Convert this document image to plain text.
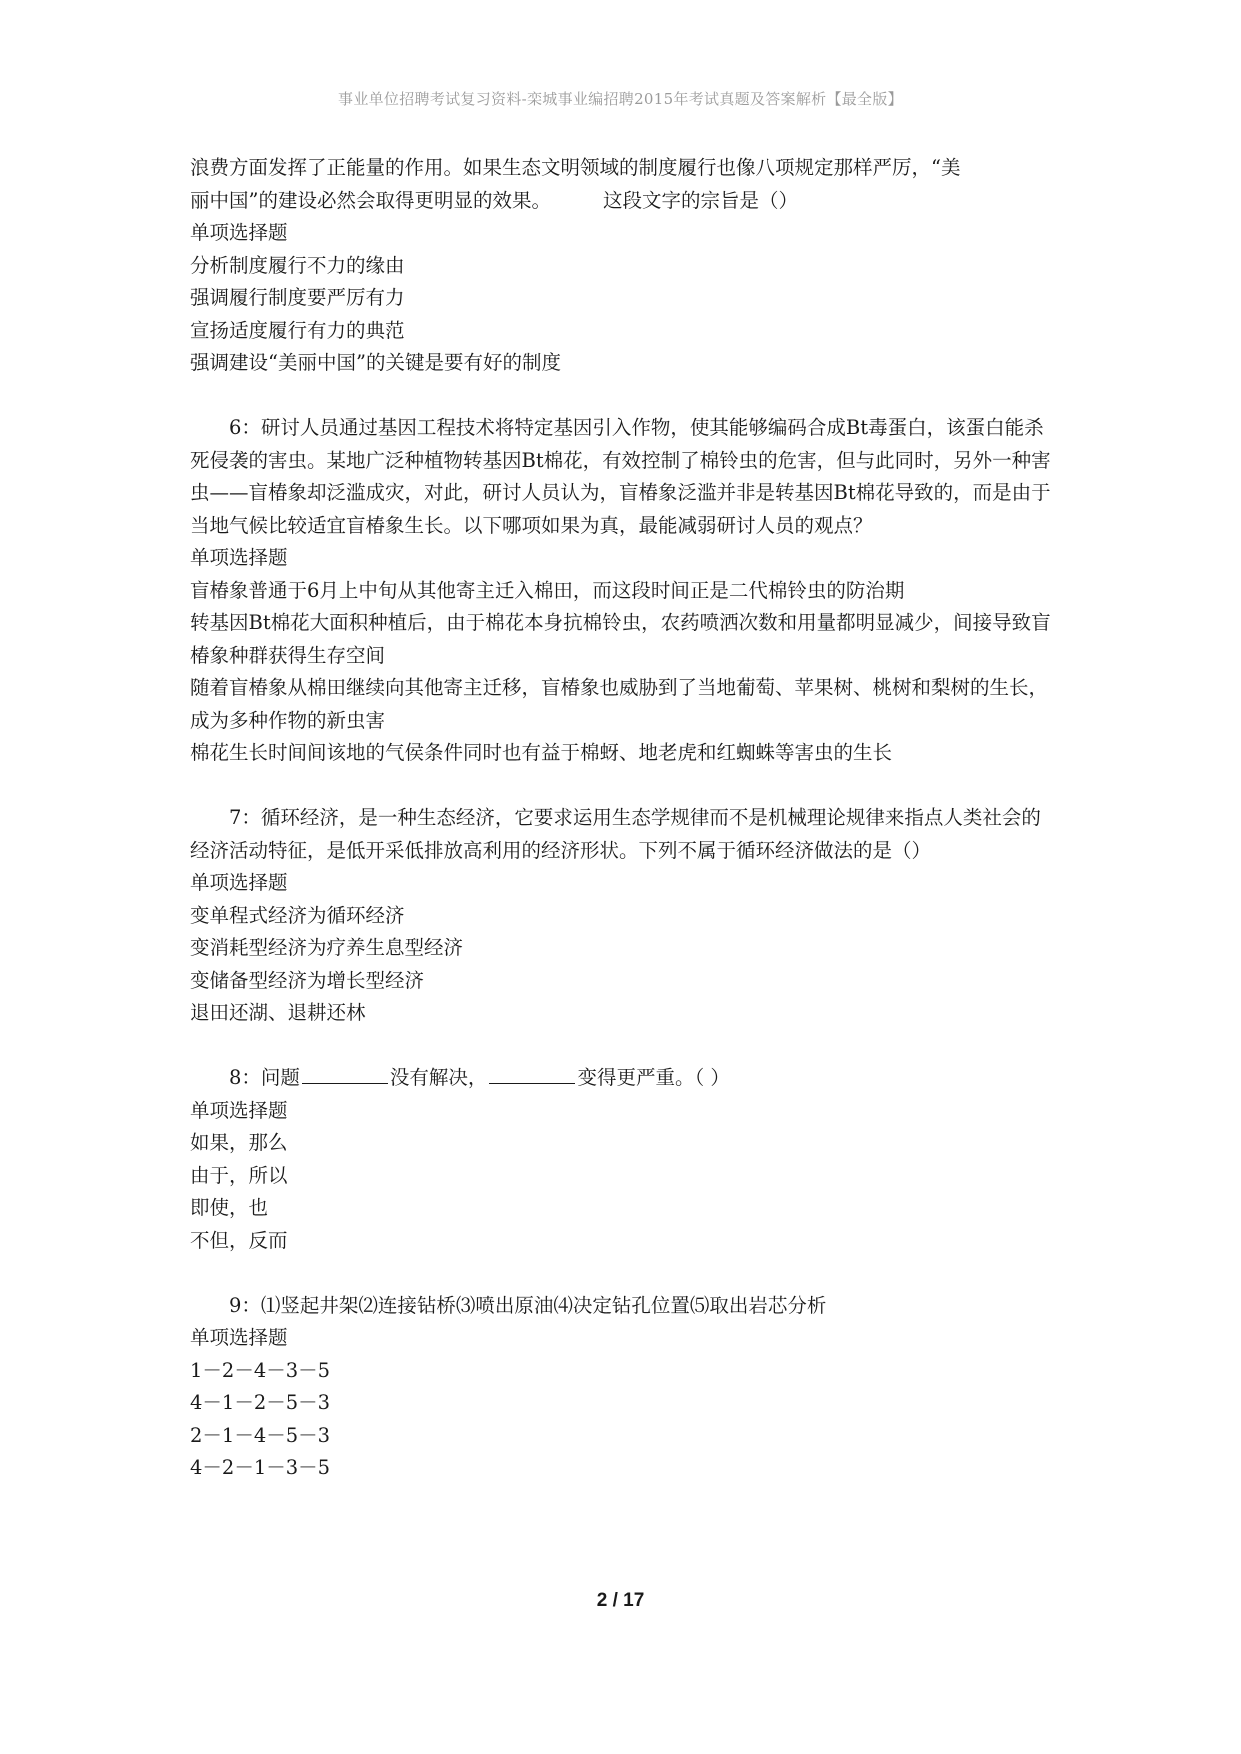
事业单位招聘考试复习资料-栾城事业编招聘2015年考试真题及答案解析【最全版】

浪费方面发挥了正能量的作用。如果生态文明领域的制度履行也像八项规定那样严厉，“美

丽中国”的建设必然会取得更明显的效果。	这段文字的宗旨是（）

单项选择题

分析制度履行不力的缘由

强调履行制度要严厉有力

宣扬适度履行有力的典范

强调建设“美丽中国”的关键是要有好的制度

6：研讨人员通过基因工程技术将特定基因引入作物，使其能够编码合成Bt毒蛋白，该蛋白能杀死侵袭的害虫。某地广泛种植物转基因Bt棉花，有效控制了棉铃虫的危害，但与此同时，另外一种害虫——盲椿象却泛滥成灾，对此，研讨人员认为，盲椿象泛滥并非是转基因Bt棉花导致的，而是由于当地气候比较适宜盲椿象生长。以下哪项如果为真，最能减弱研讨人员的观点？

单项选择题

盲椿象普通于6月上中旬从其他寄主迁入棉田，而这段时间正是二代棉铃虫的防治期

转基因Bt棉花大面积种植后，由于棉花本身抗棉铃虫，农药喷洒次数和用量都明显减少，间接导致盲椿象种群获得生存空间

随着盲椿象从棉田继续向其他寄主迁移，盲椿象也威胁到了当地葡萄、苹果树、桃树和梨树的生长，成为多种作物的新虫害

棉花生长时间间该地的气侯条件同时也有益于棉蚜、地老虎和红蜘蛛等害虫的生长

7：循环经济，是一种生态经济，它要求运用生态学规律而不是机械理论规律来指点人类社会的经济活动特征，是低开采低排放高利用的经济形状。下列不属于循环经济做法的是（）

单项选择题

变单程式经济为循环经济

变消耗型经济为疗养生息型经济

变储备型经济为增长型经济

退田还湖、退耕还林

8：问题	没有解决，	变得更严重。（ ）

单项选择题

如果，那么

由于，所以

即使，也

不但，反而

9：⑴竖起井架⑵连接钻桥⑶喷出原油⑷决定钻孔位置⑸取出岩芯分析

单项选择题

1－2－4－3－5

4－1－2－5－3

2－1－4－5－3

4－2－1－3－5

2 / 17
